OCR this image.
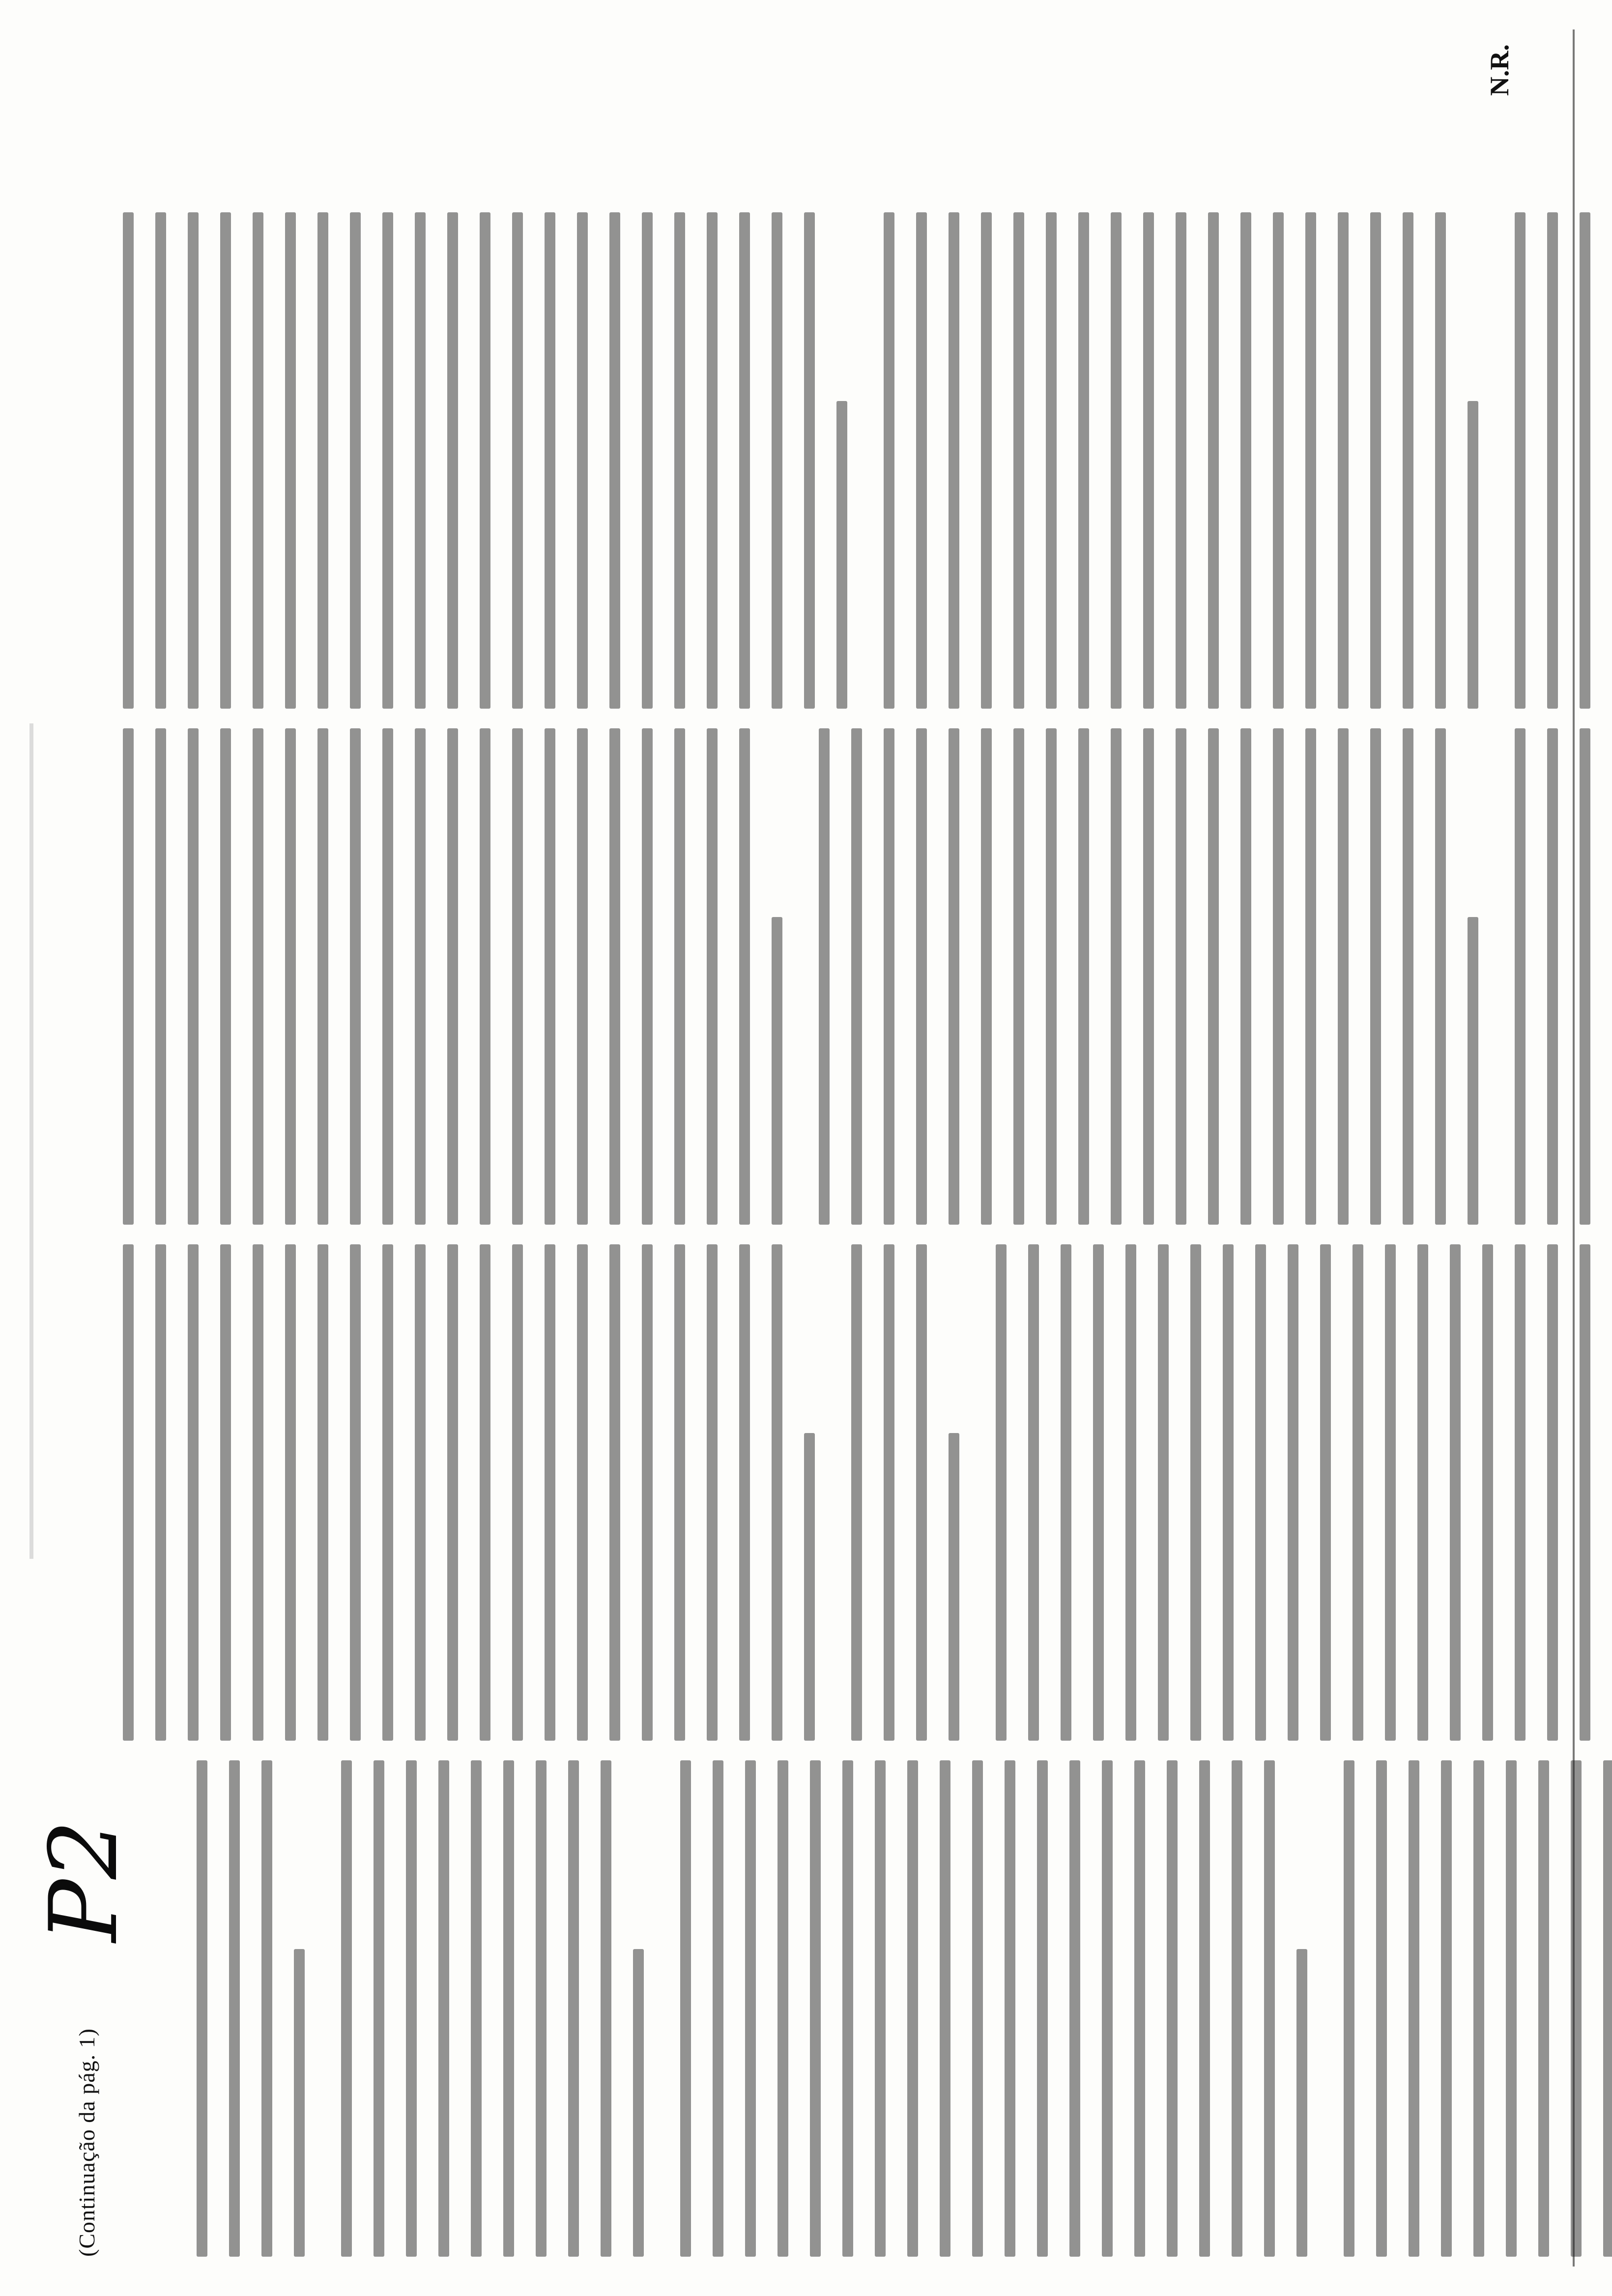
(Continuação da pág. 1)
P2
N.R.
